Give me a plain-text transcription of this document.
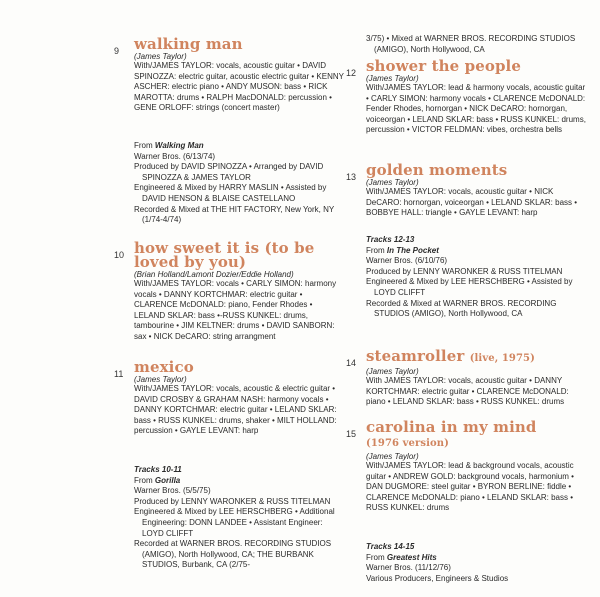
9 walking man
(James Taylor)
With/JAMES TAYLOR: vocals, acoustic guitar • DAVID SPINOZZA: electric guitar, acoustic electric guitar • KENNY ASCHER: electric piano • ANDY MUSON: bass • RICK MAROTTA: drums • RALPH MacDONALD: percussion • GENE ORLOFF: strings (concert master)
From Walking Man
Warner Bros. (6/13/74)
Produced by DAVID SPINOZZA • Arranged by DAVID SPINOZZA & JAMES TAYLOR
Engineered & Mixed by HARRY MASLIN • Assisted by DAVID HENSON & BLAISE CASTELLANO
Recorded & Mixed at THE HIT FACTORY, New York, NY (1/74-4/74)
10 how sweet it is (to be loved by you)
(Brian Holland/Lamont Dozier/Eddie Holland)
With/JAMES TAYLOR: vocals • CARLY SIMON: harmony vocals • DANNY KORTCHMAR: electric guitar • CLARENCE McDONALD: piano, Fender Rhodes • LELAND SKLAR: bass •-RUSS KUNKEL: drums, tambourine • JIM KELTNER: drums • DAVID SANBORN: sax • NICK DeCARO: string arrangment
11 mexico
(James Taylor)
With/JAMES TAYLOR: vocals, acoustic & electric guitar • DAVID CROSBY & GRAHAM NASH: harmony vocals • DANNY KORTCHMAR: electric guitar • LELAND SKLAR: bass • RUSS KUNKEL: drums, shaker • MILT HOLLAND: percussion • GAYLE LEVANT: harp
Tracks 10-11
From Gorilla
Warner Bros. (5/5/75)
Produced by LENNY WARONKER & RUSS TITELMAN
Engineered & Mixed by LEE HERSCHBERG • Additional Engineering: DONN LANDEE • Assistant Engineer: LOYD CLIFFT
Recorded at WARNER BROS. RECORDING STUDIOS (AMIGO), North Hollywood, CA; THE BURBANK STUDIOS, Burbank, CA (2/75-
3/75) • Mixed at WARNER BROS. RECORDING STUDIOS (AMIGO), North Hollywood, CA
12 shower the people
(James Taylor)
With/JAMES TAYLOR: lead & harmony vocals, acoustic guitar • CARLY SIMON: harmony vocals • CLARENCE McDONALD: Fender Rhodes, hornorgan • NICK DeCARO: hornorgan, voiceorgan • LELAND SKLAR: bass • RUSS KUNKEL: drums, percussion • VICTOR FELDMAN: vibes, orchestra bells
13 golden moments
(James Taylor)
With/JAMES TAYLOR: vocals, acoustic guitar • NICK DeCARO: hornorgan, voiceorgan • LELAND SKLAR: bass • BOBBYE HALL: triangle • GAYLE LEVANT: harp
Tracks 12-13
From In The Pocket
Warner Bros. (6/10/76)
Produced by LENNY WARONKER & RUSS TITELMAN
Engineered & Mixed by LEE HERSCHBERG • Assisted by LOYD CLIFFT
Recorded & Mixed at WARNER BROS. RECORDING STUDIOS (AMIGO), North Hollywood, CA
14 steamroller (live, 1975)
(James Taylor)
With JAMES TAYLOR: vocals, acoustic guitar • DANNY KORTCHMAR: electric guitar • CLARENCE McDONALD: piano • LELAND SKLAR: bass • RUSS KUNKEL: drums
15 carolina in my mind
(1976 version)
(James Taylor)
With/JAMES TAYLOR: lead & background vocals, acoustic guitar • ANDREW GOLD: background vocals, harmonium • DAN DUGMORE: steel guitar • BYRON BERLINE: fiddle • CLARENCE McDONALD: piano • LELAND SKLAR: bass • RUSS KUNKEL: drums
Tracks 14-15
From Greatest Hits
Warner Bros. (11/12/76)
Various Producers, Engineers & Studios
